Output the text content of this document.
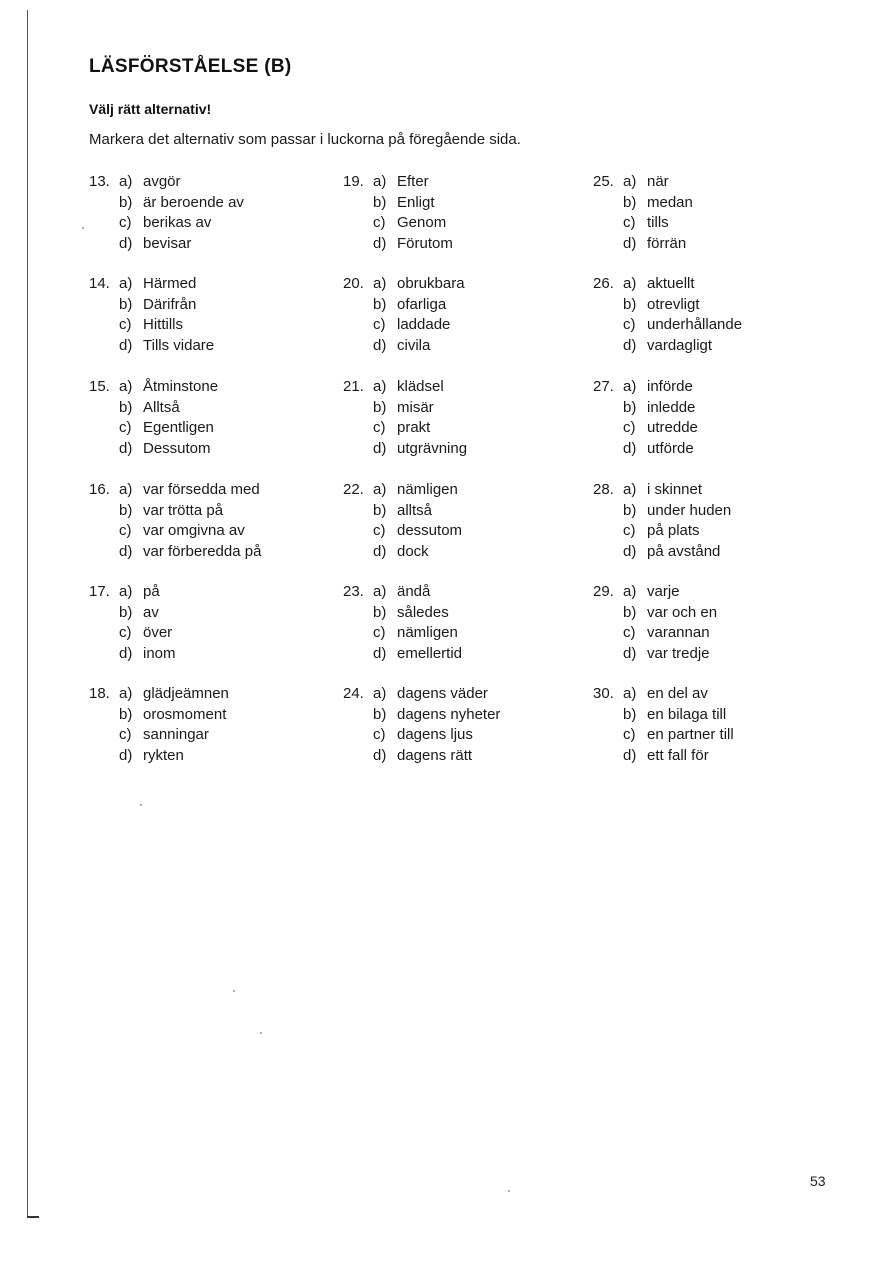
LÄSFÖRSTÅELSE (B)

Välj rätt alternativ!

Markera det alternativ som passar i luckorna på föregående sida.

13. a) avgör
b) är beroende av
c) berikas av
d) bevisar
14. a) Härmed
b) Därifrån
c) Hittills
d) Tills vidare
15. a) Åtminstone
b) Alltså
c) Egentligen
d) Dessutom
16. a) var försedda med
b) var trötta på
c) var omgivna av
d) var förberedda på
17. a) på
b) av
c) över
d) inom
18. a) glädjeämnen
b) orosmoment
c) sanningar
d) rykten
19. a) Efter
b) Enligt
c) Genom
d) Förutom
20. a) obrukbara
b) ofarliga
c) laddade
d) civila
21. a) klädsel
b) misär
c) prakt
d) utgrävning
22. a) nämligen
b) alltså
c) dessutom
d) dock
23. a) ändå
b) således
c) nämligen
d) emellertid
24. a) dagens väder
b) dagens nyheter
c) dagens ljus
d) dagens rätt
25. a) när
b) medan
c) tills
d) förrän
26. a) aktuellt
b) otrevligt
c) underhållande
d) vardagligt
27. a) införde
b) inledde
c) utredde
d) utförde
28. a) i skinnet
b) under huden
c) på plats
d) på avstånd
29. a) varje
b) var och en
c) varannan
d) var tredje
30. a) en del av
b) en bilaga till
c) en partner till
d) ett fall för
53
